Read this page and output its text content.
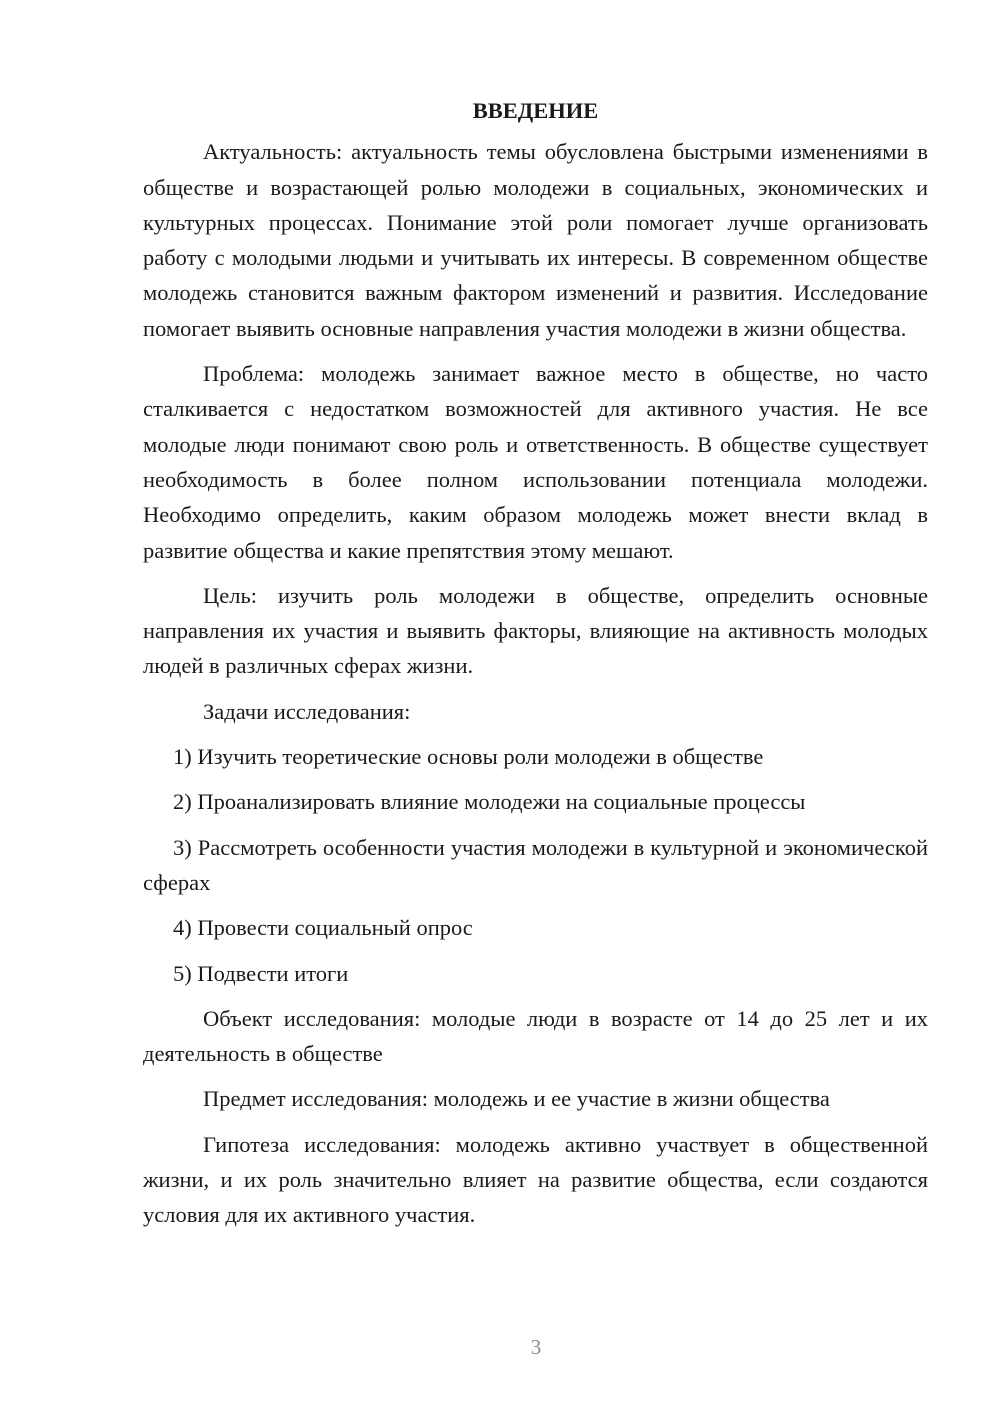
ВВЕДЕНИЕ

Актуальность: актуальность темы обусловлена быстрыми изменениями в обществе и возрастающей ролью молодежи в социальных, экономических и культурных процессах. Понимание этой роли помогает лучше организовать работу с молодыми людьми и учитывать их интересы. В современном обществе молодежь становится важным фактором изменений и развития. Исследование помогает выявить основные направления участия молодежи в жизни общества.

Проблема: молодежь занимает важное место в обществе, но часто сталкивается с недостатком возможностей для активного участия. Не все молодые люди понимают свою роль и ответственность. В обществе существует необходимость в более полном использовании потенциала молодежи. Необходимо определить, каким образом молодежь может внести вклад в развитие общества и какие препятствия этому мешают.

Цель: изучить роль молодежи в обществе, определить основные направления их участия и выявить факторы, влияющие на активность молодых людей в различных сферах жизни.

Задачи исследования:

1) Изучить теоретические основы роли молодежи в обществе

2) Проанализировать влияние молодежи на социальные процессы

3) Рассмотреть особенности участия молодежи в культурной и экономической сферах

4) Провести социальный опрос

5) Подвести итоги

Объект исследования: молодые люди в возрасте от 14 до 25 лет и их деятельность в обществе

Предмет исследования: молодежь и ее участие в жизни общества

Гипотеза исследования: молодежь активно участвует в общественной жизни, и их роль значительно влияет на развитие общества, если создаются условия для их активного участия.

3
